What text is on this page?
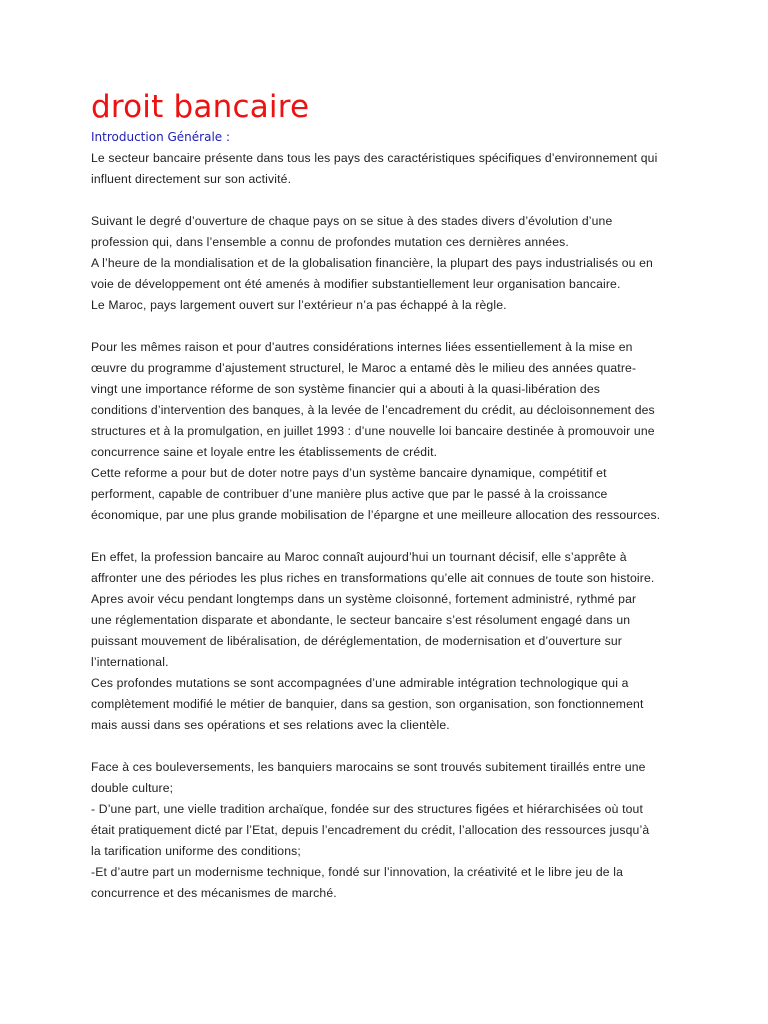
droit bancaire
Introduction Générale :

Le secteur bancaire présente dans tous les pays des caractéristiques spécifiques d’environnement qui
influent directement sur son activité.

Suivant le degré d’ouverture de chaque pays on se situe à des stades divers d’évolution d’une
profession qui, dans l’ensemble a connu de profondes mutation ces dernières années.
A l’heure de la mondialisation et de la globalisation financière, la plupart des pays industrialisés ou en
voie de développement ont été amenés à modifier substantiellement leur organisation bancaire.
Le Maroc, pays largement ouvert sur l’extérieur n’a pas échappé à la règle.

Pour les mêmes raison et pour d’autres considérations internes liées essentiellement à la mise en
œuvre du programme d’ajustement structurel, le Maroc a entamé dès le milieu des années quatre-
vingt une importance réforme de son système financier qui a abouti à la quasi-libération des
conditions d’intervention des banques, à la levée de l’encadrement du crédit, au décloisonnement des
structures et à la promulgation, en juillet 1993 : d’une nouvelle loi bancaire destinée à promouvoir une
concurrence saine et loyale entre les établissements de crédit.
Cette reforme a pour but de doter notre pays d’un système bancaire dynamique, compétitif et
performent, capable de contribuer d’une manière plus active que par le passé à la croissance
économique, par une plus grande mobilisation de l’épargne et une meilleure allocation des ressources.

En effet, la profession bancaire au Maroc connaît aujourd’hui un tournant décisif, elle s’apprête à
affronter une des périodes les plus riches en transformations qu’elle ait connues de toute son histoire.
Apres avoir vécu pendant longtemps dans un système cloisonné, fortement administré, rythmé par
une réglementation disparate et abondante, le secteur bancaire s’est résolument engagé dans un
puissant mouvement de libéralisation, de déréglementation, de modernisation et d’ouverture sur
l’international.
Ces profondes mutations se sont accompagnées d’une admirable intégration technologique qui a
complètement modifié le métier de banquier, dans sa gestion, son organisation, son fonctionnement
mais aussi dans ses opérations et ses relations avec la clientèle.

Face à ces bouleversements, les banquiers marocains se sont trouvés subitement tiraillés entre une
double culture;
- D’une part, une vielle tradition archaïque, fondée sur des structures figées et hiérarchisées où tout
était pratiquement dicté par l’Etat, depuis l’encadrement du crédit, l’allocation des ressources jusqu’à
la tarification uniforme des conditions;
-Et d’autre part un modernisme technique, fondé sur l’innovation, la créativité et le libre jeu de la
concurrence et des mécanismes de marché.
